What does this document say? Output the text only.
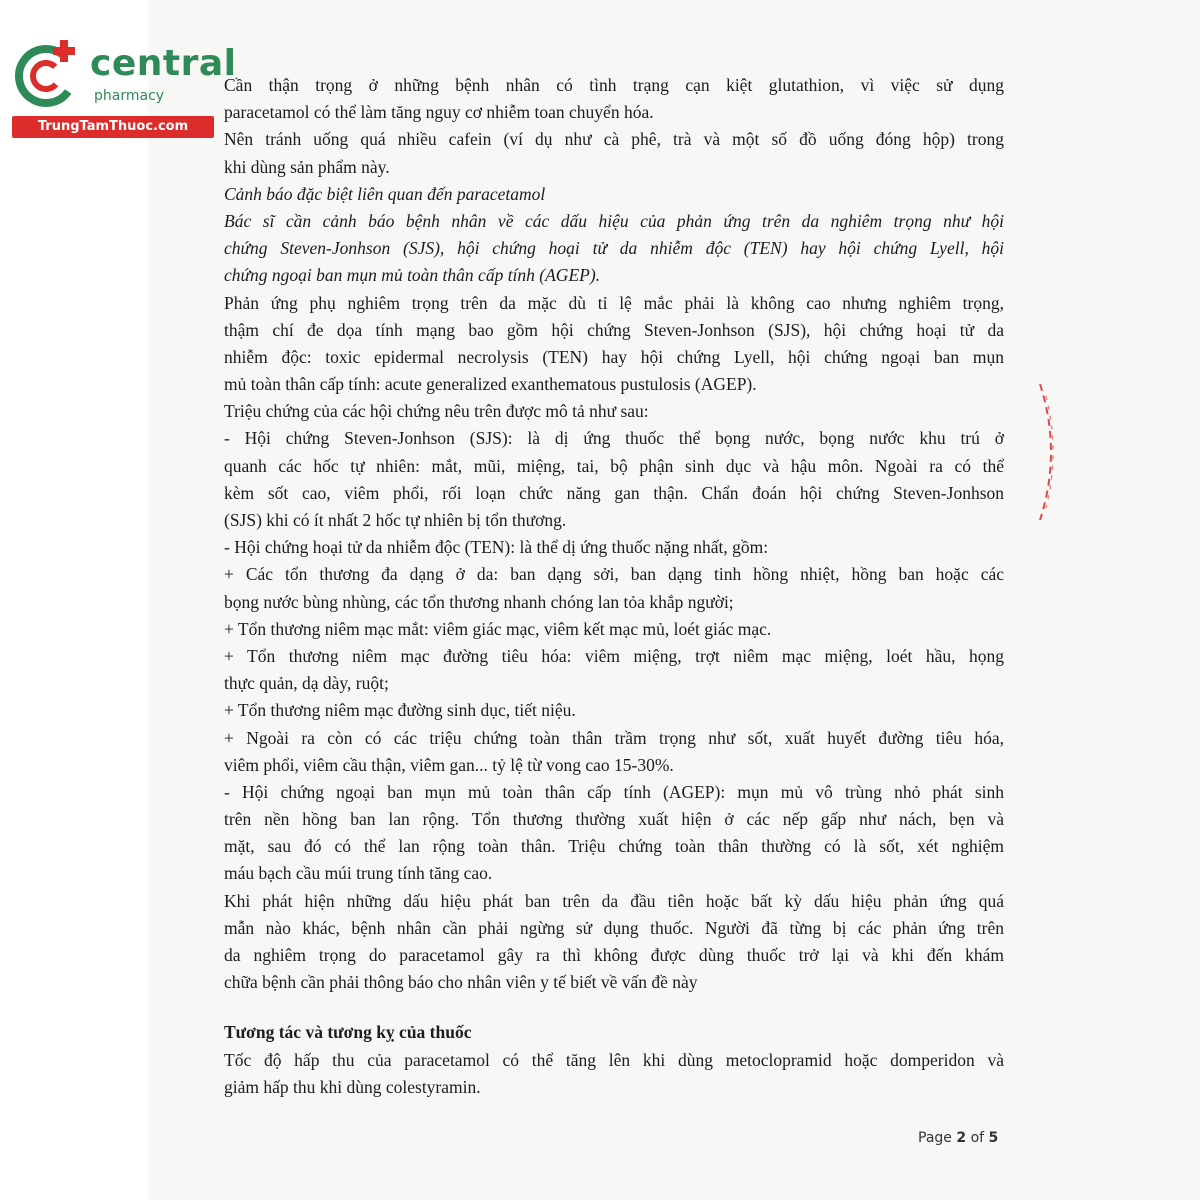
central
pharmacy
TrungTamThuoc.com
Cần thận trọng ở những bệnh nhân có tình trạng cạn kiệt glutathion, vì việc sử dụng
paracetamol có thể làm tăng nguy cơ nhiễm toan chuyển hóa.
Nên tránh uống quá nhiều cafein (ví dụ như cà phê, trà và một số đồ uống đóng hộp) trong
khi dùng sản phẩm này.
Cảnh báo đặc biệt liên quan đến paracetamol
Bác sĩ cần cảnh báo bệnh nhân về các dấu hiệu của phản ứng trên da nghiêm trọng như hội
chứng Steven-Jonhson (SJS), hội chứng hoại tử da nhiễm độc (TEN) hay hội chứng Lyell, hội
chứng ngoại ban mụn mủ toàn thân cấp tính (AGEP).
Phản ứng phụ nghiêm trọng trên da mặc dù tỉ lệ mắc phải là không cao nhưng nghiêm trọng,
thậm chí đe dọa tính mạng bao gồm hội chứng Steven-Jonhson (SJS), hội chứng hoại tử da
nhiễm độc: toxic epidermal necrolysis (TEN) hay hội chứng Lyell, hội chứng ngoại ban mụn
mủ toàn thân cấp tính: acute generalized exanthematous pustulosis (AGEP).
Triệu chứng của các hội chứng nêu trên được mô tả như sau:
- Hội chứng Steven-Jonhson (SJS): là dị ứng thuốc thể bọng nước, bọng nước khu trú ở
quanh các hốc tự nhiên: mắt, mũi, miệng, tai, bộ phận sinh dục và hậu môn. Ngoài ra có thể
kèm sốt cao, viêm phổi, rối loạn chức năng gan thận. Chẩn đoán hội chứng Steven-Jonhson
(SJS) khi có ít nhất 2 hốc tự nhiên bị tổn thương.
- Hội chứng hoại tử da nhiễm độc (TEN): là thể dị ứng thuốc nặng nhất, gồm:
+ Các tổn thương đa dạng ở da: ban dạng sởi, ban dạng tinh hồng nhiệt, hồng ban hoặc các
bọng nước bùng nhùng, các tổn thương nhanh chóng lan tỏa khắp người;
+ Tổn thương niêm mạc mắt: viêm giác mạc, viêm kết mạc mủ, loét giác mạc.
+ Tổn thương niêm mạc đường tiêu hóa: viêm miệng, trợt niêm mạc miệng, loét hầu, họng
thực quản, dạ dày, ruột;
+ Tổn thương niêm mạc đường sinh dục, tiết niệu.
+ Ngoài ra còn có các triệu chứng toàn thân trầm trọng như sốt, xuất huyết đường tiêu hóa,
viêm phổi, viêm cầu thận, viêm gan... tỷ lệ từ vong cao 15-30%.
- Hội chứng ngoại ban mụn mủ toàn thân cấp tính (AGEP): mụn mủ vô trùng nhỏ phát sinh
trên nền hồng ban lan rộng. Tổn thương thường xuất hiện ở các nếp gấp như nách, bẹn và
mặt, sau đó có thể lan rộng toàn thân. Triệu chứng toàn thân thường có là sốt, xét nghiệm
máu bạch cầu múi trung tính tăng cao.
Khi phát hiện những dấu hiệu phát ban trên da đầu tiên hoặc bất kỳ dấu hiệu phản ứng quá
mẫn nào khác, bệnh nhân cần phải ngừng sử dụng thuốc. Người đã từng bị các phản ứng trên
da nghiêm trọng do paracetamol gây ra thì không được dùng thuốc trở lại và khi đến khám
chữa bệnh cần phải thông báo cho nhân viên y tế biết về vấn đề này
Tương tác và tương kỵ của thuốc
Tốc độ hấp thu của paracetamol có thể tăng lên khi dùng metoclopramid hoặc domperidon và
giảm hấp thu khi dùng colestyramin.
Page 2 of 5
